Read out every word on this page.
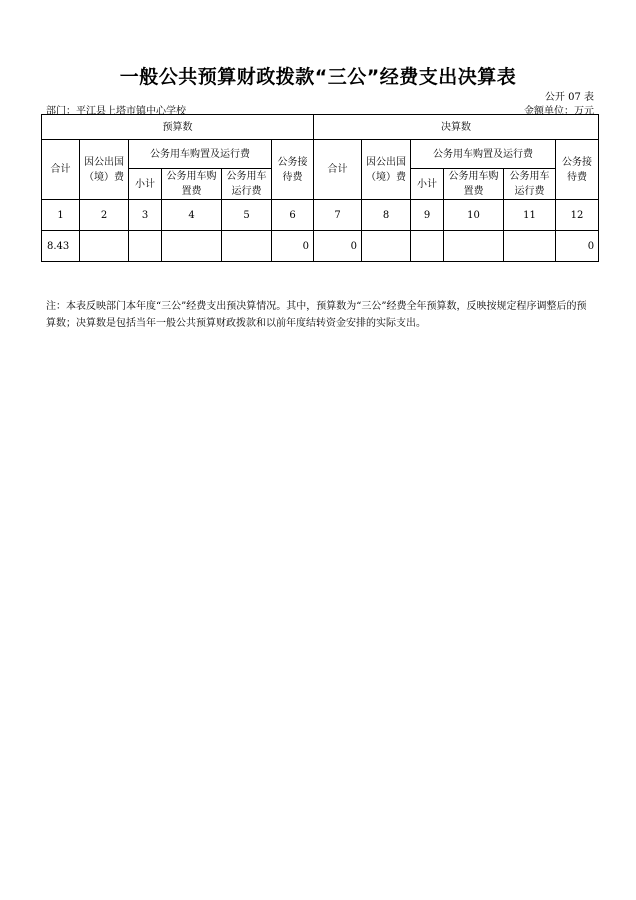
一般公共预算财政拨款“三公”经费支出决算表
公开 07 表
部门：平江县上塔市镇中心学校	金额单位：万元
预算数						决算数					
合计	因公出国（境）费	公务用车购置及运行费			公务接待费	合计	因公出国（境）费	公务用车购置及运行费			公务接待费
		小计	公务用车购置费	公务用车运行费				小计	公务用车购置费	公务用车运行费	
1	2	3	4	5	6	7	8	9	10	11	12
8.43					0	0					0
注：本表反映部门本年度“三公”经费支出预决算情况。其中，预算数为“三公”经费全年预算数，反映按规定程序调整后的预算数；决算数是包括当年一般公共预算财政拨款和以前年度结转资金安排的实际支出。
